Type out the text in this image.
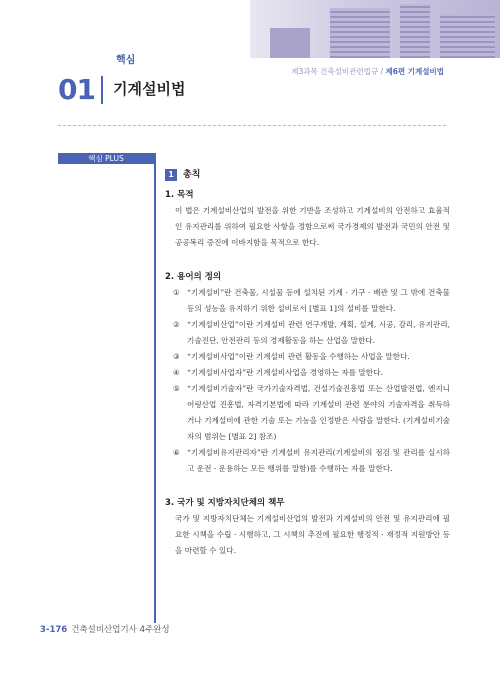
핵심
01 기계설비법
제3과목 건축설비관련법규 / 제6편 기계설비법
핵심 PLUS
1	총칙
1. 목적
이 법은 기계설비산업의 발전을 위한 기반을 조성하고 기계설비의 안전하고 효율적인 유지관리를 위하여 필요한 사항을 정함으로써 국가경제의 발전과 국민의 안전 및 공공복리 증진에 이바지함을 목적으로 한다.
2. 용어의 정의
① “기계설비”란 건축물, 시설물 등에 설치된 기계 · 기구 · 배관 및 그 밖에 건축물등의 성능을 유지하기 위한 설비로서 [별표 1]의 설비를 말한다.
② “기계설비산업”이란 기계설비 관련 연구개발, 계획, 설계, 시공, 감리, 유지관리, 기술진단, 안전관리 등의 경제활동을 하는 산업을 말한다.
③ “기계설비사업”이란 기계설비 관련 활동을 수행하는 사업을 말한다.
④ “기계설비사업자”란 기계설비사업을 경영하는 자를 말한다.
⑤ “기계설비기술자”란 국가기술자격법, 건설기술진흥법 또는 산업발전법, 엔지니어링산업 진흥법, 자격기본법에 따라 기계설비 관련 분야의 기술자격을 취득하거나 기계설비에 관한 기술 또는 기능을 인정받은 사람을 말한다. (기계설비기술자의 범위는 [별표 2] 참조)
⑥ “기계설비유지관리자”란 기계설비 유지관리(기계설비의 점검 및 관리를 실시하고 운전 · 운용하는 모든 행위를 말함)를 수행하는 자를 말한다.
3. 국가 및 지방자치단체의 책무
국가 및 지방자치단체는 기계설비산업의 발전과 기계설비의 안전 및 유지관리에 필요한 시책을 수립 · 시행하고, 그 시책의 추진에 필요한 행정적 · 재정적 지원방안 등을 마련할 수 있다.
3-176 건축설비산업기사 4주완성
